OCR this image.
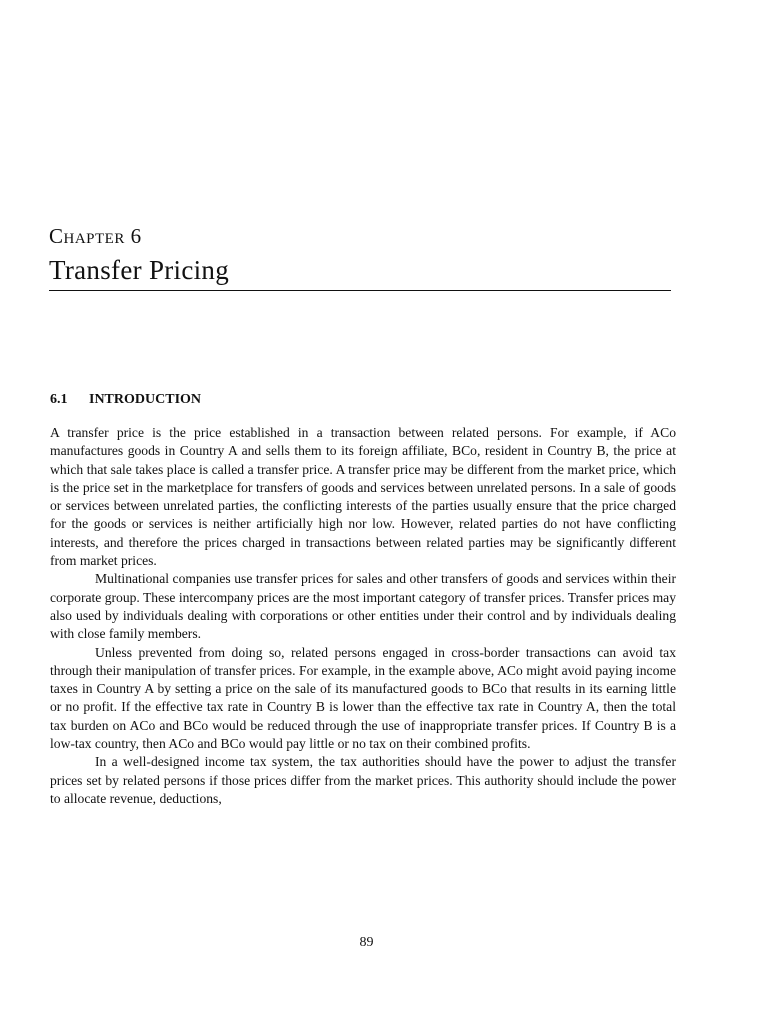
Chapter 6
Transfer Pricing
6.1 INTRODUCTION

A transfer price is the price established in a transaction between related persons. For example, if ACo manufactures goods in Country A and sells them to its foreign affiliate, BCo, resident in Country B, the price at which that sale takes place is called a transfer price. A transfer price may be different from the market price, which is the price set in the marketplace for transfers of goods and services between unrelated persons. In a sale of goods or services between unrelated parties, the conflicting interests of the parties usually ensure that the price charged for the goods or services is neither artificially high nor low. However, related parties do not have conflicting interests, and therefore the prices charged in transactions between related parties may be significantly different from market prices.

Multinational companies use transfer prices for sales and other transfers of goods and services within their corporate group. These intercompany prices are the most important category of transfer prices. Transfer prices may also used by individuals dealing with corporations or other entities under their control and by individuals dealing with close family members.

Unless prevented from doing so, related persons engaged in cross-border transactions can avoid tax through their manipulation of transfer prices. For example, in the example above, ACo might avoid paying income taxes in Country A by setting a price on the sale of its manufactured goods to BCo that results in its earning little or no profit. If the effective tax rate in Country B is lower than the effective tax rate in Country A, then the total tax burden on ACo and BCo would be reduced through the use of inappropriate transfer prices. If Country B is a low-tax country, then ACo and BCo would pay little or no tax on their combined profits.

In a well-designed income tax system, the tax authorities should have the power to adjust the transfer prices set by related persons if those prices differ from the market prices. This authority should include the power to allocate revenue, deductions,

89
